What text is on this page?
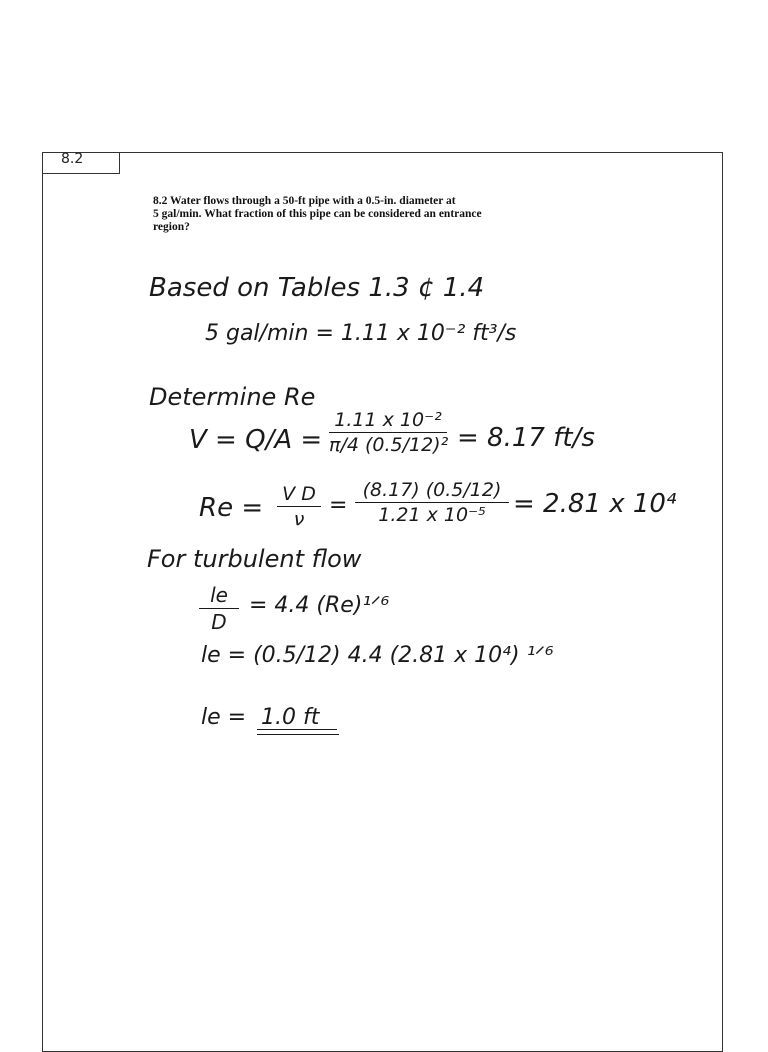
8.2
8.2 Water flows through a 50-ft pipe with a 0.5-in. diameter at
5 gal/min. What fraction of this pipe can be considered an entrance
region?
Based on Tables 1.3 ¢ 1.4
5 gal/min = 1.11 x 10⁻² ft³/s
Determine Re
V = Q/A =
1.11 x 10⁻²
π/4 (0.5/12)² = 8.17 ft/s
Re = V D
ν
=
(8.17) (0.5/12)
1.21 x 10⁻⁵	= 2.81 x 10⁴
For turbulent flow
le
D
= 4.4 (Re)¹ᐟ⁶
le = (0.5/12) 4.4 (2.81 x 10⁴) ¹ᐟ⁶
le = 1.0 ft
